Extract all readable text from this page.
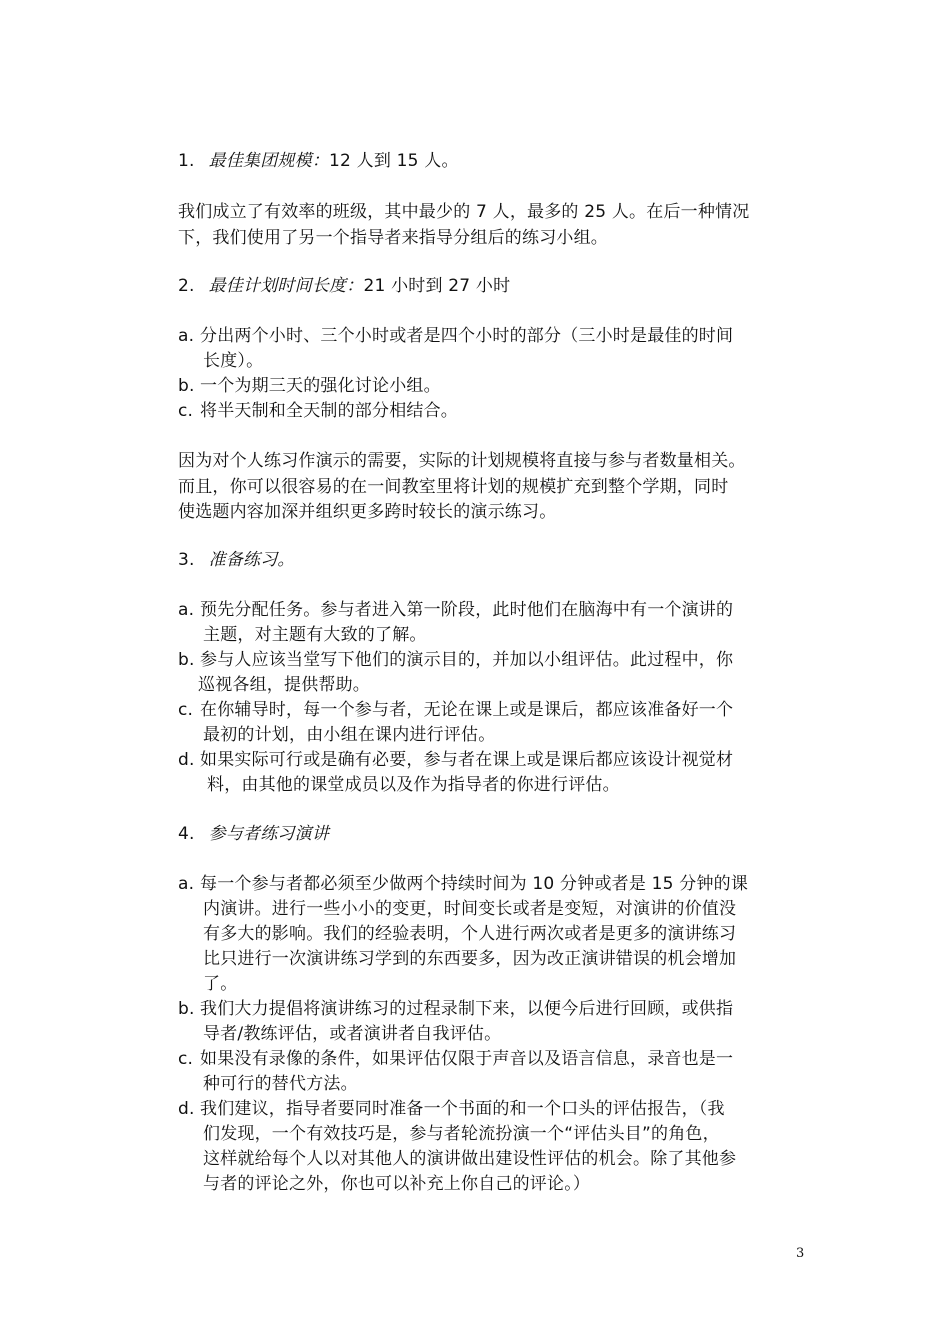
1. 最佳集团规模：12 人到 15 人。
我们成立了有效率的班级，其中最少的 7 人，最多的 25 人。在后一种情况
下，我们使用了另一个指导者来指导分组后的练习小组。
2. 最佳计划时间长度：21 小时到 27 小时
a. 分出两个小时、三个小时或者是四个小时的部分（三小时是最佳的时间
长度）。
b. 一个为期三天的强化讨论小组。
c. 将半天制和全天制的部分相结合。
因为对个人练习作演示的需要，实际的计划规模将直接与参与者数量相关。
而且，你可以很容易的在一间教室里将计划的规模扩充到整个学期，同时
使选题内容加深并组织更多跨时较长的演示练习。
3. 准备练习。
a. 预先分配任务。参与者进入第一阶段，此时他们在脑海中有一个演讲的
主题，对主题有大致的了解。
b. 参与人应该当堂写下他们的演示目的，并加以小组评估。此过程中，你
巡视各组，提供帮助。
c. 在你辅导时，每一个参与者，无论在课上或是课后，都应该准备好一个
最初的计划，由小组在课内进行评估。
d. 如果实际可行或是确有必要，参与者在课上或是课后都应该设计视觉材
料，由其他的课堂成员以及作为指导者的你进行评估。
4. 参与者练习演讲
a. 每一个参与者都必须至少做两个持续时间为 10 分钟或者是 15 分钟的课
内演讲。进行一些小小的变更，时间变长或者是变短，对演讲的价值没
有多大的影响。我们的经验表明，个人进行两次或者是更多的演讲练习
比只进行一次演讲练习学到的东西要多，因为改正演讲错误的机会增加
了。
b. 我们大力提倡将演讲练习的过程录制下来，以便今后进行回顾，或供指
导者/教练评估，或者演讲者自我评估。
c. 如果没有录像的条件，如果评估仅限于声音以及语言信息，录音也是一
种可行的替代方法。
d. 我们建议，指导者要同时准备一个书面的和一个口头的评估报告，（我
们发现，一个有效技巧是，参与者轮流扮演一个“评估头目”的角色，
这样就给每个人以对其他人的演讲做出建设性评估的机会。除了其他参
与者的评论之外，你也可以补充上你自己的评论。）
3
